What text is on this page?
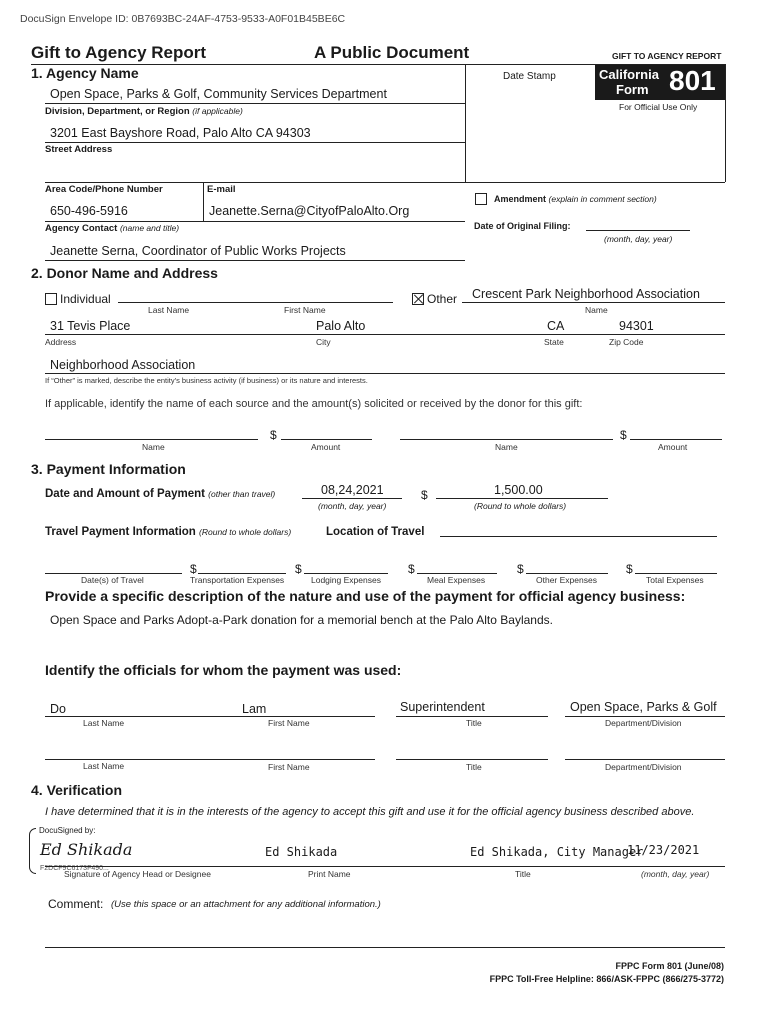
DocuSign Envelope ID: 0B7693BC-24AF-4753-9533-A0F01B45BE6C
Gift to Agency Report	A Public Document	GIFT TO AGENCY REPORT
Date Stamp	California
Form 801
For Official Use Only
1. Agency Name
Open Space, Parks & Golf, Community Services Department
Division, Department, or Region (if applicable)
3201 East Bayshore Road, Palo Alto CA 94303
Street Address
Area Code/Phone Number	E-mail
650-496-5916	Jeanette.Serna@CityofPaloAlto.Org
Agency Contact (name and title)
Jeanette Serna, Coordinator of Public Works Projects
Amendment (explain in comment section)
Date of Original Filing:
(month, day, year)
2. Donor Name and Address
Individual
Last Name	First Name
Other Crescent Park Neighborhood Association
Name
31 Tevis Place	Palo Alto	CA	94301
Address	City	State	Zip Code
Neighborhood Association
If “Other” is marked, describe the entity's business activity (if business) or its nature and interests.
If applicable, identify the name of each source and the amount(s) solicited or received by the donor for this gift:
$
Name	Amount
$
Name	Amount
3. Payment Information
Date and Amount of Payment (other than travel)	08,24,2021
(month, day, year)
$	1,500.00
(Round to whole dollars)
Travel Payment Information (Round to whole dollars)	Location of Travel
$	$	$	$	$
Date(s) of Travel	Transportation Expenses	Lodging Expenses	Meal Expenses	Other Expenses	Total Expenses
Provide a specific description of the nature and use of the payment for official agency business:
Open Space and Parks Adopt-a-Park donation for a memorial bench at the Palo Alto Baylands.
Identify the officials for whom the payment was used:
Do	Lam	Superintendent	Open Space, Parks & Golf
Last Name	First Name	Title	Department/Division
Last Name	First Name	Title	Department/Division
4. Verification
I have determined that it is in the interests of the agency to accept this gift and use it for the official agency business described above.
DocuSigned by:
Ed Shikada
F2DCF9C6173F490...
Ed Shikada	Ed Shikada, City Manager
11/23/2021
Signature of Agency Head or Designee	Print Name	Title	(month, day, year)
Comment: (Use this space or an attachment for any additional information.)
FPPC Form 801 (June/08)
FPPC Toll-Free Helpline: 866/ASK-FPPC (866/275-3772)
